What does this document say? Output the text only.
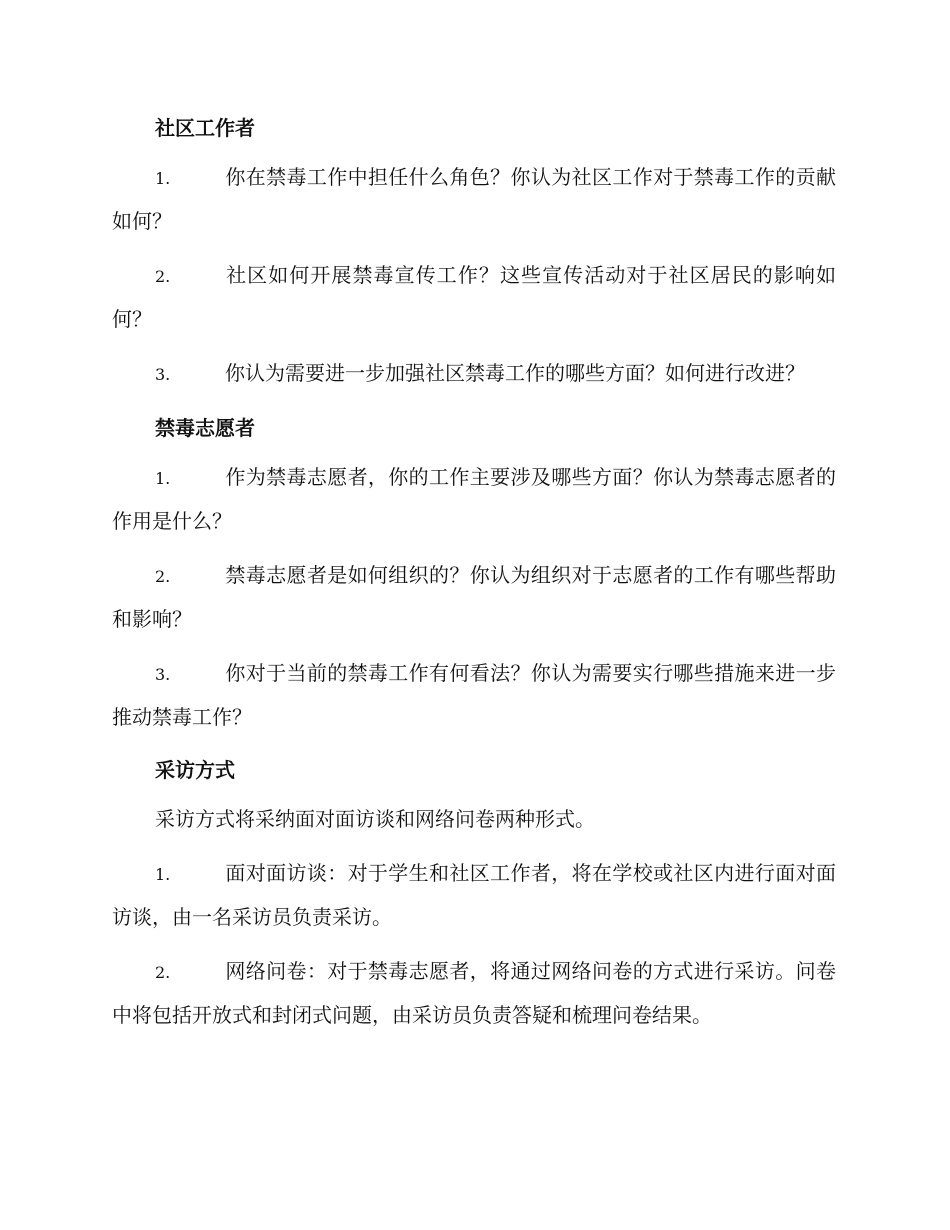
社区工作者
1.	你在禁毒工作中担任什么角色？你认为社区工作对于禁毒工作的贡献如何？
2.	社区如何开展禁毒宣传工作？这些宣传活动对于社区居民的影响如何？
3.	你认为需要进一步加强社区禁毒工作的哪些方面？如何进行改进？
禁毒志愿者
1.	作为禁毒志愿者，你的工作主要涉及哪些方面？你认为禁毒志愿者的作用是什么？
2.	禁毒志愿者是如何组织的？你认为组织对于志愿者的工作有哪些帮助和影响？
3.	你对于当前的禁毒工作有何看法？你认为需要实行哪些措施来进一步推动禁毒工作？
采访方式
采访方式将采纳面对面访谈和网络问卷两种形式。
1.	面对面访谈：对于学生和社区工作者，将在学校或社区内进行面对面访谈，由一名采访员负责采访。
2.	网络问卷：对于禁毒志愿者，将通过网络问卷的方式进行采访。问卷中将包括开放式和封闭式问题，由采访员负责答疑和梳理问卷结果。
